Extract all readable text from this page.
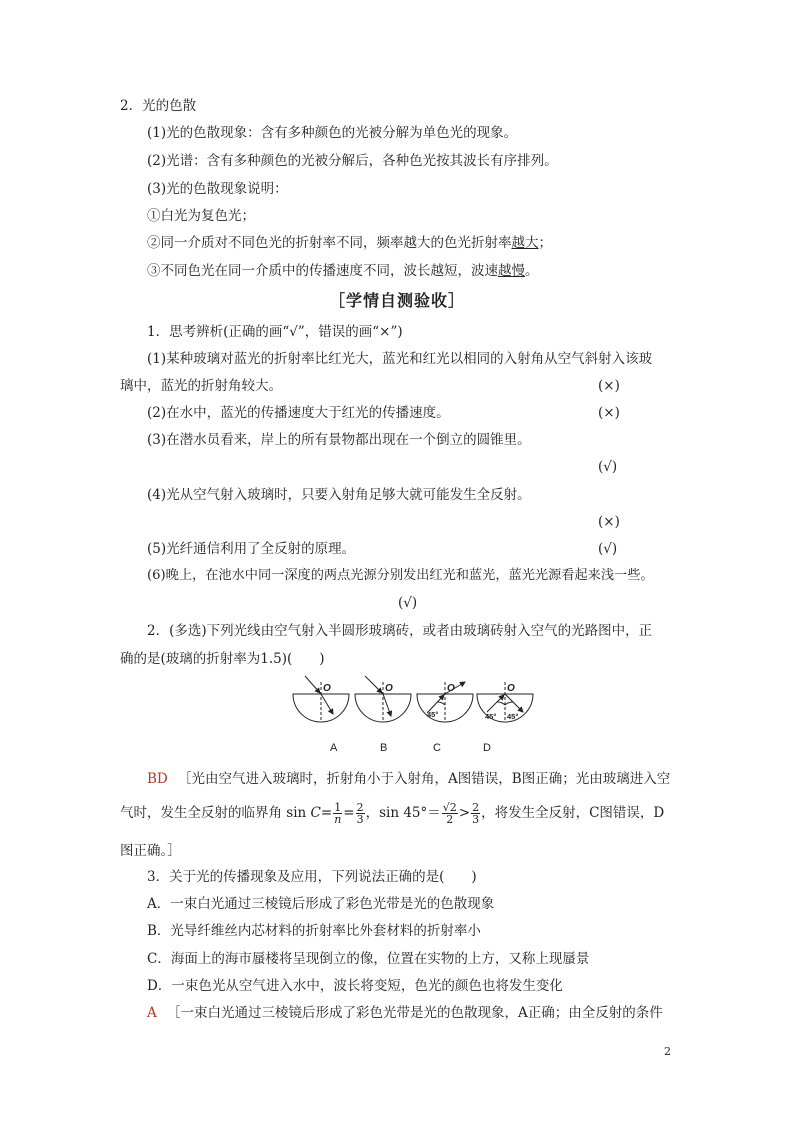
2．光的色散
(1)光的色散现象：含有多种颜色的光被分解为单色光的现象。
(2)光谱：含有多种颜色的光被分解后，各种色光按其波长有序排列。
(3)光的色散现象说明：
①白光为复色光；
②同一介质对不同色光的折射率不同，频率越大的色光折射率越大；
③不同色光在同一介质中的传播速度不同，波长越短，波速越慢。
［学情自测验收］
1．思考辨析(正确的画“√”，错误的画“×”)
(1)某种玻璃对蓝光的折射率比红光大，蓝光和红光以相同的入射角从空气斜射入该玻
璃中，蓝光的折射角较大。	(×)
(2)在水中，蓝光的传播速度大于红光的传播速度。	(×)
(3)在潜水员看来，岸上的所有景物都出现在一个倒立的圆锥里。
(√)
(4)光从空气射入玻璃时，只要入射角足够大就可能发生全反射。
(×)
(5)光纤通信利用了全反射的原理。	(√)
(6)晚上，在池水中同一深度的两点光源分别发出红光和蓝光，蓝光光源看起来浅一些。
(√)
2．(多选)下列光线由空气射入半圆形玻璃砖，或者由玻璃砖射入空气的光路图中，正
确的是(玻璃的折射率为1.5)(　　)
O	O	O	O
45°	45° 45°
A	B	C	D
BD ［光由空气进入玻璃时，折射角小于入射角，A图错误，B图正确；光由玻璃进入空
气时，发生全反射的临界角 $\sin C= \frac{1}{n} = \frac{2}{3}$ ，$\sin 45^\circ= \frac{√2}{2} > \frac{2}{3}$ ，将发生全反射，C图错误，D
图正确。］
3．关于光的传播现象及应用，下列说法正确的是(　　)
A．一束白光通过三棱镜后形成了彩色光带是光的色散现象
B．光导纤维丝内芯材料的折射率比外套材料的折射率小
C．海面上的海市蜃楼将呈现倒立的像，位置在实物的上方，又称上现蜃景
D．一束色光从空气进入水中，波长将变短，色光的颜色也将发生变化
A ［一束白光通过三棱镜后形成了彩色光带是光的色散现象，A正确；由全反射的条件
2
